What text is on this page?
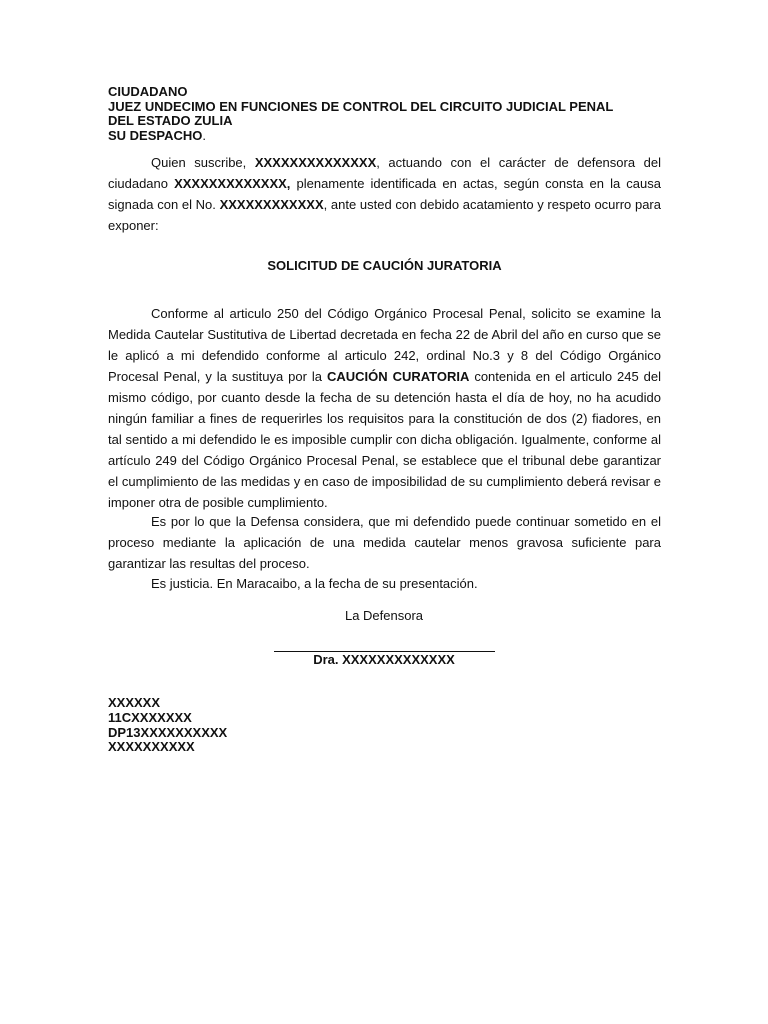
CIUDADANO
JUEZ UNDECIMO EN FUNCIONES DE CONTROL DEL CIRCUITO JUDICIAL PENAL
DEL ESTADO ZULIA
SU DESPACHO.

Quien suscribe, XXXXXXXXXXXXXX, actuando con el carácter de defensora del ciudadano XXXXXXXXXXXXX, plenamente identificada en actas, según consta en la causa signada con el No. XXXXXXXXXXXX, ante usted con debido acatamiento y respeto ocurro para exponer:

SOLICITUD DE CAUCIÓN JURATORIA

Conforme al articulo 250 del Código Orgánico Procesal Penal, solicito se examine la Medida Cautelar Sustitutiva de Libertad decretada en fecha 22 de Abril del año en curso que se le aplicó a mi defendido conforme al articulo 242, ordinal No.3 y 8 del Código Orgánico Procesal Penal, y la sustituya por la CAUCIÓN CURATORIA contenida en el articulo 245 del mismo código, por cuanto desde la fecha de su detención hasta el día de hoy, no ha acudido ningún familiar a fines de requerirles los requisitos para la constitución de dos (2) fiadores, en tal sentido a mi defendido le es imposible cumplir con dicha obligación. Igualmente, conforme al artículo 249 del Código Orgánico Procesal Penal, se establece que el tribunal debe garantizar el cumplimiento de las medidas y en caso de imposibilidad de su cumplimiento deberá revisar e imponer otra de posible cumplimiento.

Es por lo que la Defensa considera, que mi defendido puede continuar sometido en el proceso mediante la aplicación de una medida cautelar menos gravosa suficiente para garantizar las resultas del proceso.

Es justicia. En Maracaibo, a la fecha de su presentación.

La Defensora
Dra. XXXXXXXXXXXXX
XXXXXX
11CXXXXXXX
DP13XXXXXXXXXX
XXXXXXXXXX
